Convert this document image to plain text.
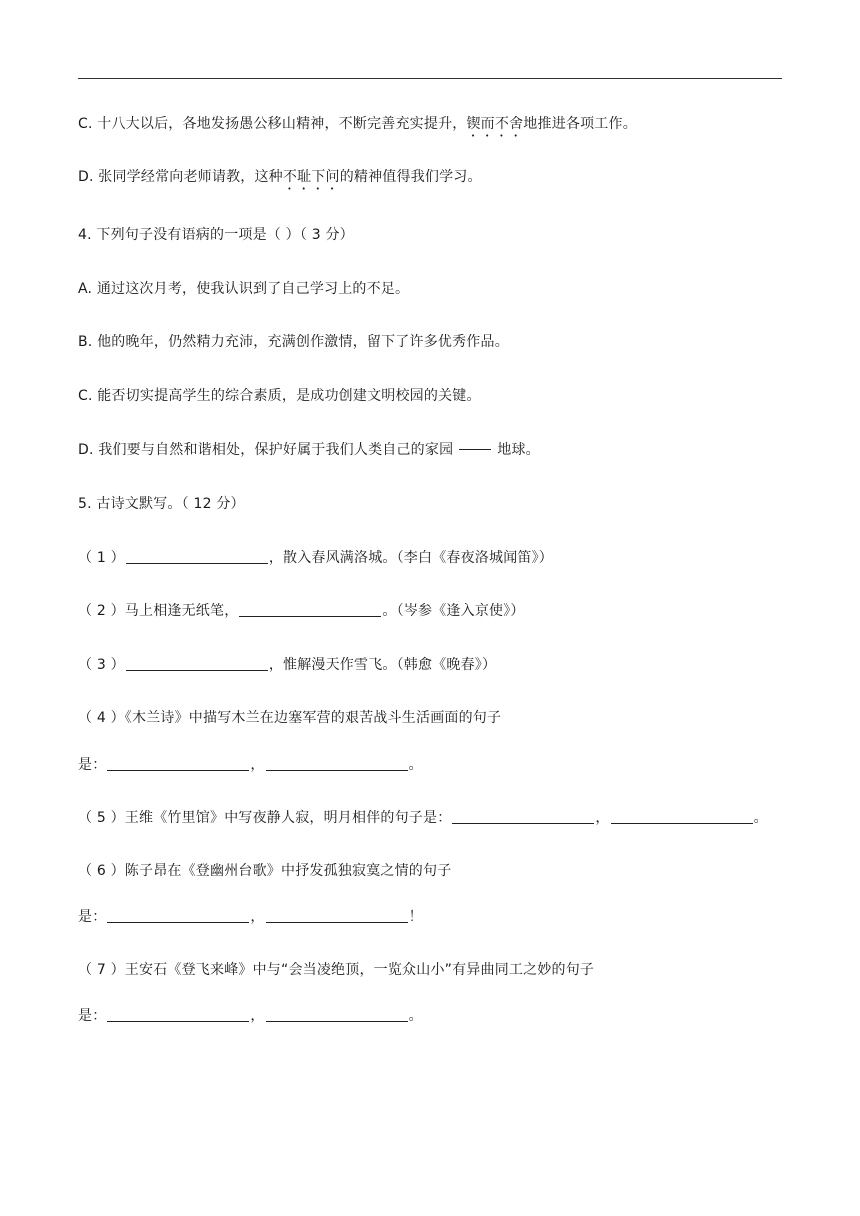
C. 十八大以后，各地发扬愚公移山精神，不断完善充实提升，锲而不舍地推进各项工作。
D. 张同学经常向老师请教，这种不耻下问的精神值得我们学习。
4. 下列句子没有语病的一项是（ ）（ 3 分）
A. 通过这次月考，使我认识到了自己学习上的不足。
B. 他的晚年，仍然精力充沛，充满创作激情，留下了许多优秀作品。
C. 能否切实提高学生的综合素质，是成功创建文明校园的关键。
D. 我们要与自然和谐相处，保护好属于我们人类自己的家园	地球。
5. 古诗文默写。（ 12 分）
（ 1 ）	，散入春风满洛城。（李白《春夜洛城闻笛》）
（ 2 ）马上相逢无纸笔，	。（岑参《逢入京使》）
（ 3 ）	，惟解漫天作雪飞。（韩愈《晚春》）
（ 4 ）《木兰诗》中描写木兰在边塞军营的艰苦战斗生活画面的句子
是：	，	。
（ 5 ）王维《竹里馆》中写夜静人寂，明月相伴的句子是：	，	。
（ 6 ）陈子昂在《登幽州台歌》中抒发孤独寂寞之情的句子
是：	，	！
（ 7 ）王安石《登飞来峰》中与“会当凌绝顶，一览众山小”有异曲同工之妙的句子
是：	，	。
